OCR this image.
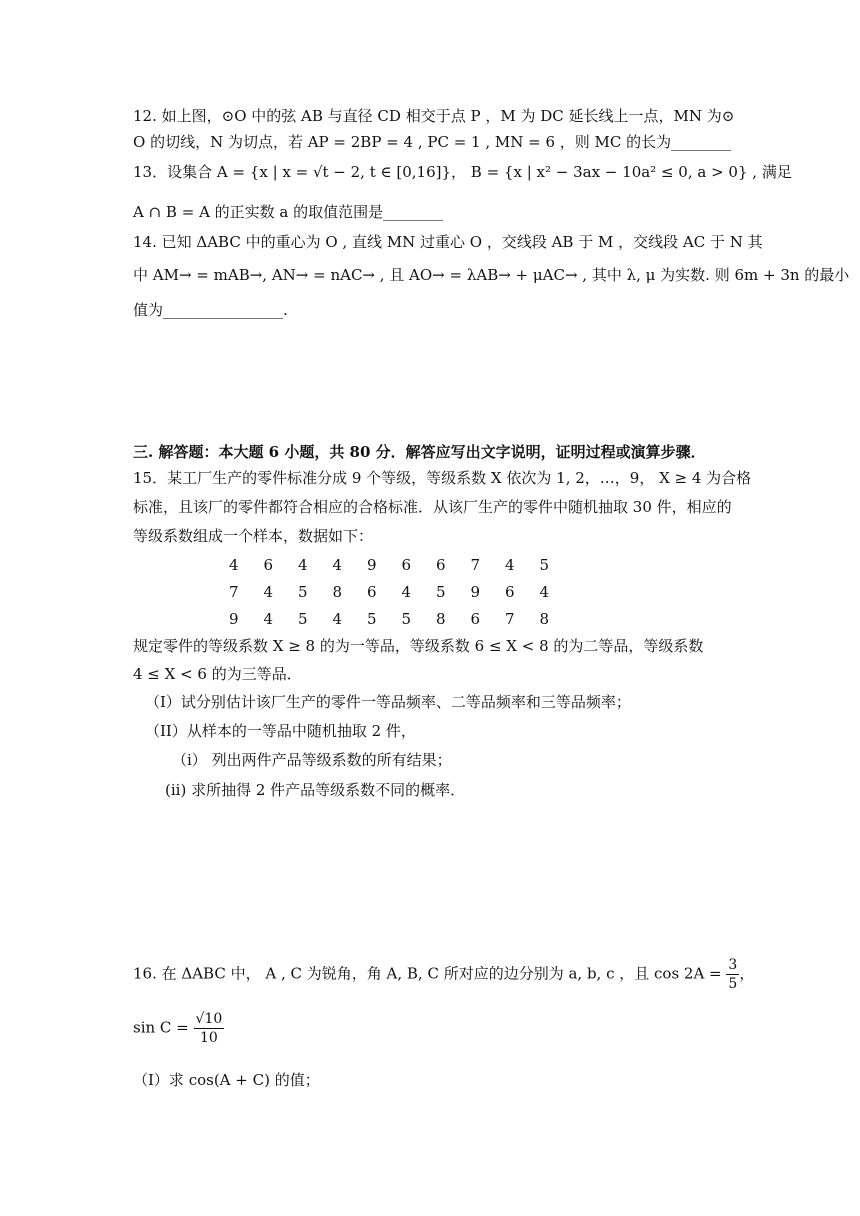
12. 如上图，⊙O 中的弦 AB 与直径 CD 相交于点 P ，M 为 DC 延长线上一点，MN 为⊙
O 的切线，N 为切点，若 AP = 2BP = 4 , PC = 1 , MN = 6 ，则 MC 的长为________
13．设集合 A = {x | x = √t − 2, t ∈ [0,16]}， B = {x | x² − 3ax − 10a² ≤ 0, a > 0} , 满足
A ∩ B = A 的正实数 a 的取值范围是________
14. 已知 ΔABC 中的重心为 O , 直线 MN 过重心 O ，交线段 AB 于 M ，交线段 AC 于 N 其
中 AM→ = mAB→, AN→ = nAC→ , 且 AO→ = λAB→ + μAC→ , 其中 λ, μ 为实数. 则 6m + 3n 的最小
值为________________.
三. 解答题：本大题 6 小题，共 80 分．解答应写出文字说明，证明过程或演算步骤．
15．某工厂生产的零件标准分成 9 个等级，等级系数 X 依次为 1, 2，…，9， X ≥ 4 为合格
标准，且该厂的零件都符合相应的合格标准．从该厂生产的零件中随机抽取 30 件，相应的
等级系数组成一个样本，数据如下：
4 6 4 4 9 6 6 7 4 5
7 4 5 8 6 4 5 9 6 4
9 4 5 4 5 5 8 6 7 8
规定零件的等级系数 X ≥ 8 的为一等品，等级系数 6 ≤ X < 8 的为二等品，等级系数
4 ≤ X < 6 的为三等品．
（I）试分别估计该厂生产的零件一等品频率、二等品频率和三等品频率；
（II）从样本的一等品中随机抽取 2 件，
（i） 列出两件产品等级系数的所有结果；
(ii) 求所抽得 2 件产品等级系数不同的概率．
16. 在 ΔABC 中， A , C 为锐角，角 A, B, C 所对应的边分别为 a, b, c ，且 $\cos 2A = \frac{3}{5}$ ，
$\sin C = \frac{√10}{10}$
（I）求 cos(A + C) 的值；
